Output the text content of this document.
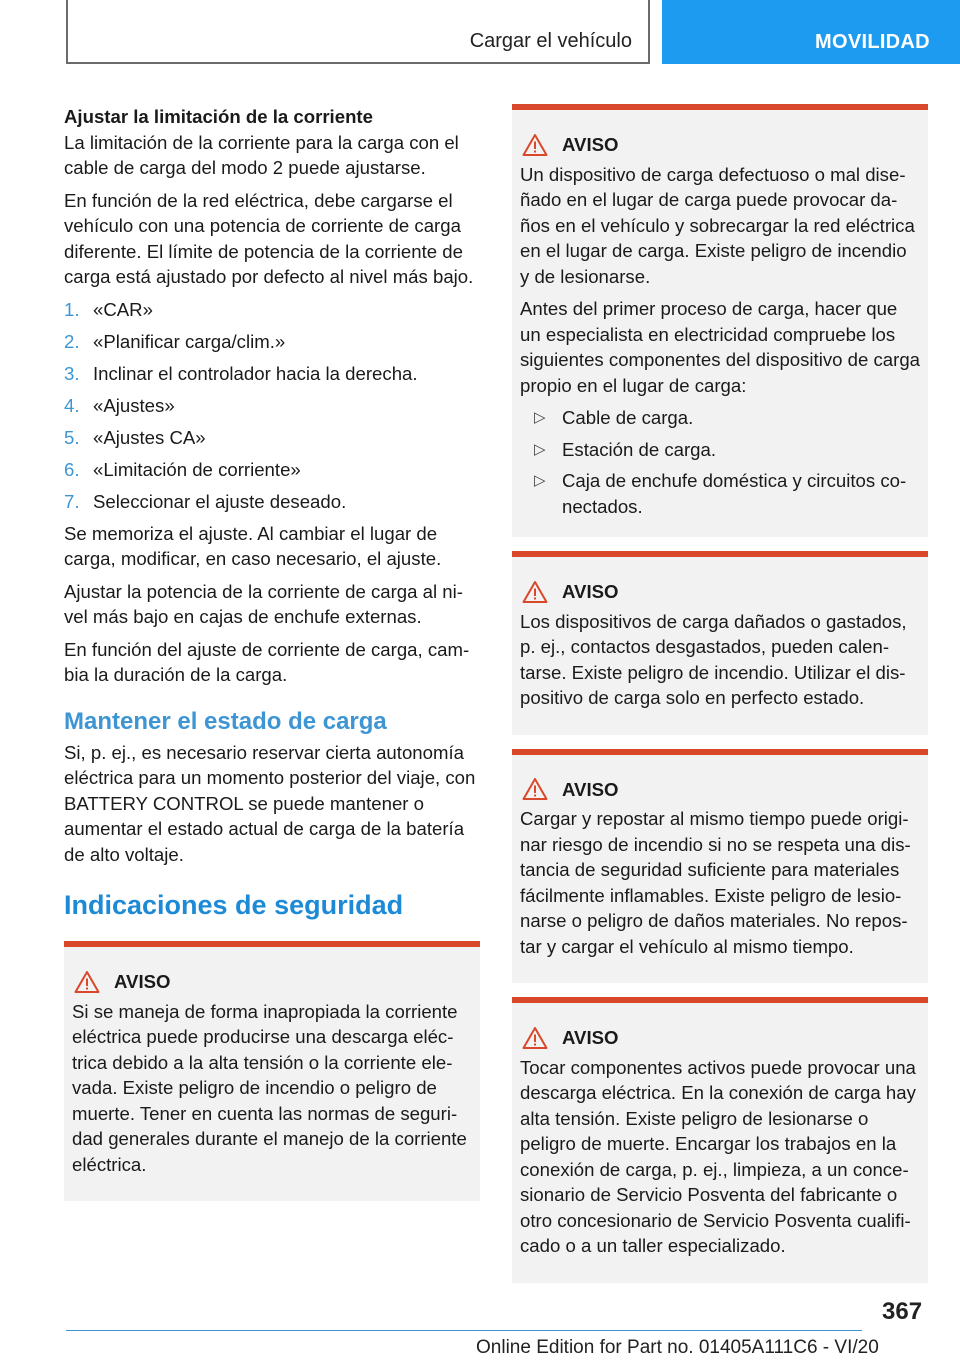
Cargar el vehículo	MOVILIDAD

Ajustar la limitación de la corriente

La limitación de la corriente para la carga con el cable de carga del modo 2 puede ajustarse.

En función de la red eléctrica, debe cargarse el vehículo con una potencia de corriente de carga diferente. El límite de potencia de la corriente de carga está ajustado por defecto al nivel más bajo.

1. «CAR»
2. «Planificar carga/clim.»
3. Inclinar el controlador hacia la derecha.
4. «Ajustes»
5. «Ajustes CA»
6. «Limitación de corriente»
7. Seleccionar el ajuste deseado.

Se memoriza el ajuste. Al cambiar el lugar de carga, modificar, en caso necesario, el ajuste.

Ajustar la potencia de la corriente de carga al nivel más bajo en cajas de enchufe externas.

En función del ajuste de corriente de carga, cambia la duración de la carga.

Mantener el estado de carga

Si, p. ej., es necesario reservar cierta autonomía eléctrica para un momento posterior del viaje, con BATTERY CONTROL se puede mantener o aumentar el estado actual de carga de la batería de alto voltaje.

Indicaciones de seguridad
AVISO

Si se maneja de forma inapropiada la corriente eléctrica puede producirse una descarga eléctrica debido a la alta tensión o la corriente elevada. Existe peligro de incendio o peligro de muerte. Tener en cuenta las normas de seguridad generales durante el manejo de la corriente eléctrica.

AVISO

Un dispositivo de carga defectuoso o mal diseñado en el lugar de carga puede provocar daños en el vehículo y sobrecargar la red eléctrica en el lugar de carga. Existe peligro de incendio y de lesionarse.

Antes del primer proceso de carga, hacer que un especialista en electricidad compruebe los siguientes componentes del dispositivo de carga propio en el lugar de carga:

▷ Cable de carga.
▷ Estación de carga.
▷ Caja de enchufe doméstica y circuitos conectados.
AVISO

Los dispositivos de carga dañados o gastados, p. ej., contactos desgastados, pueden calentarse. Existe peligro de incendio. Utilizar el dispositivo de carga solo en perfecto estado.

AVISO

Cargar y repostar al mismo tiempo puede originar riesgo de incendio si no se respeta una distancia de seguridad suficiente para materiales fácilmente inflamables. Existe peligro de lesionarse o peligro de daños materiales. No repostar y cargar el vehículo al mismo tiempo.

AVISO

Tocar componentes activos puede provocar una descarga eléctrica. En la conexión de carga hay alta tensión. Existe peligro de lesionarse o peligro de muerte. Encargar los trabajos en la conexión de carga, p. ej., limpieza, a un concesionario de Servicio Posventa del fabricante o otro concesionario de Servicio Posventa cualificado o a un taller especializado.

367
Online Edition for Part no. 01405A111C6 - VI/20
